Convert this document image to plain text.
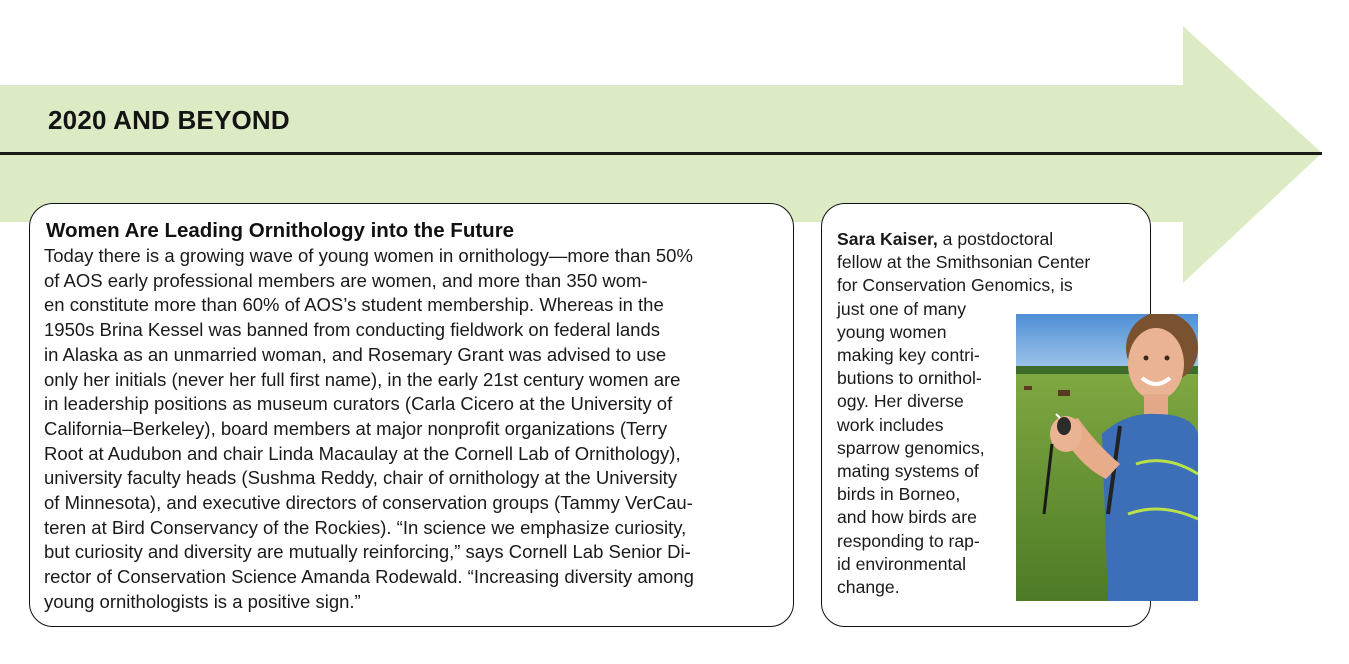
2020 AND BEYOND
Women Are Leading Ornithology into the Future

Today there is a growing wave of young women in ornithology—more than 50%
of AOS early professional members are women, and more than 350 wom-
en constitute more than 60% of AOS’s student membership. Whereas in the
1950s Brina Kessel was banned from conducting fieldwork on federal lands
in Alaska as an unmarried woman, and Rosemary Grant was advised to use
only her initials (never her full first name), in the early 21st century women are
in leadership positions as museum curators (Carla Cicero at the University of
California–Berkeley), board members at major nonprofit organizations (Terry
Root at Audubon and chair Linda Macaulay at the Cornell Lab of Ornithology),
university faculty heads (Sushma Reddy, chair of ornithology at the University
of Minnesota), and executive directors of conservation groups (Tammy VerCau-
teren at Bird Conservancy of the Rockies). “In science we emphasize curiosity,
but curiosity and diversity are mutually reinforcing,” says Cornell Lab Senior Di-
rector of Conservation Science Amanda Rodewald. “Increasing diversity among
young ornithologists is a positive sign.”

Sara Kaiser, a postdoctoral
fellow at the Smithsonian Center
for Conservation Genomics, is
just one of many
young women
making key contri-
butions to ornithol-
ogy. Her diverse
work includes
sparrow genomics,
mating systems of
birds in Borneo,
and how birds are
responding to rap-
id environmental
change.
